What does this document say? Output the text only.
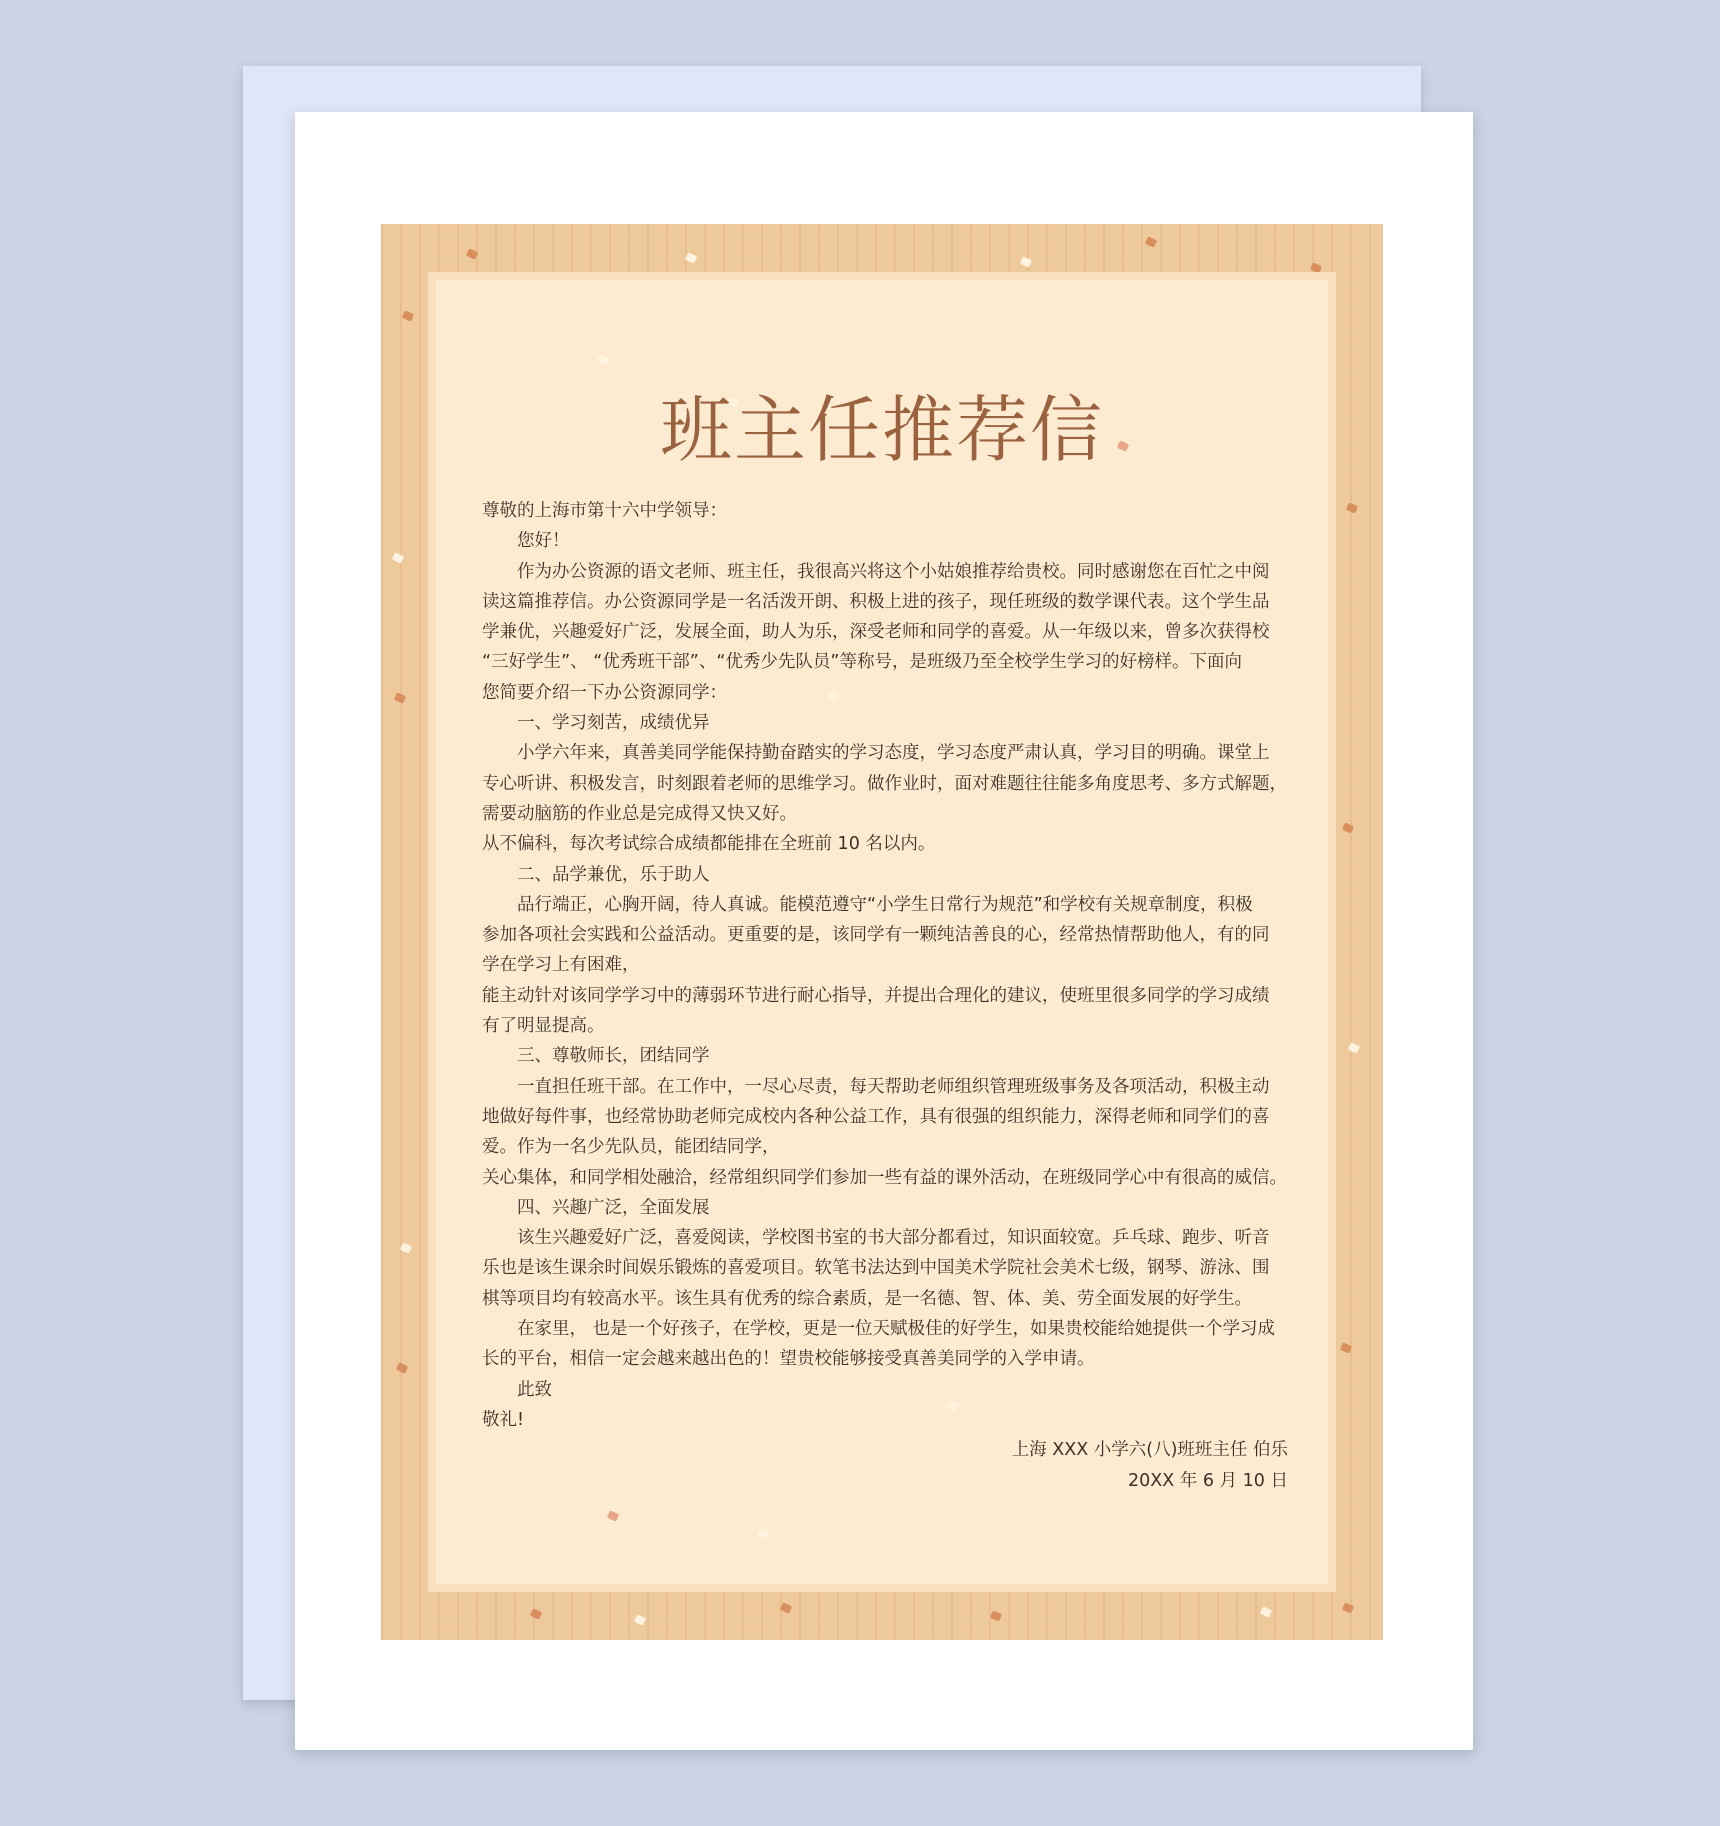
班主任推荐信

尊敬的上海市第十六中学领导：

您好！

作为办公资源的语文老师、班主任，我很高兴将这个小姑娘推荐给贵校。同时感谢您在百忙之中阅

读这篇推荐信。办公资源同学是一名活泼开朗、积极上进的孩子，现任班级的数学课代表。这个学生品

学兼优，兴趣爱好广泛，发展全面，助人为乐，深受老师和同学的喜爱。从一年级以来，曾多次获得校

“三好学生”、 “优秀班干部”、“优秀少先队员”等称号，是班级乃至全校学生学习的好榜样。下面向

您简要介绍一下办公资源同学：

一、学习刻苦，成绩优异

小学六年来，真善美同学能保持勤奋踏实的学习态度，学习态度严肃认真，学习目的明确。课堂上

专心听讲、积极发言，时刻跟着老师的思维学习。做作业时，面对难题往往能多角度思考、多方式解题，

需要动脑筋的作业总是完成得又快又好。

从不偏科，每次考试综合成绩都能排在全班前 10 名以内。

二、品学兼优，乐于助人

品行端正，心胸开阔，待人真诚。能模范遵守“小学生日常行为规范”和学校有关规章制度，积极

参加各项社会实践和公益活动。更重要的是，该同学有一颗纯洁善良的心，经常热情帮助他人，有的同

学在学习上有困难，

能主动针对该同学学习中的薄弱环节进行耐心指导，并提出合理化的建议，使班里很多同学的学习成绩

有了明显提高。

三、尊敬师长，团结同学

一直担任班干部。在工作中，一尽心尽责，每天帮助老师组织管理班级事务及各项活动，积极主动

地做好每件事，也经常协助老师完成校内各种公益工作，具有很强的组织能力，深得老师和同学们的喜

爱。作为一名少先队员，能团结同学，

关心集体，和同学相处融洽，经常组织同学们参加一些有益的课外活动，在班级同学心中有很高的威信。

四、兴趣广泛，全面发展

该生兴趣爱好广泛，喜爱阅读，学校图书室的书大部分都看过，知识面较宽。乒乓球、跑步、听音

乐也是该生课余时间娱乐锻炼的喜爱项目。软笔书法达到中国美术学院社会美术七级，钢琴、游泳、围

棋等项目均有较高水平。该生具有优秀的综合素质，是一名德、智、体、美、劳全面发展的好学生。

在家里， 也是一个好孩子，在学校，更是一位天赋极佳的好学生，如果贵校能给她提供一个学习成

长的平台，相信一定会越来越出色的！望贵校能够接受真善美同学的入学申请。

此致

敬礼!

上海 XXX 小学六(八)班班主任 伯乐

20XX 年 6 月 10 日
